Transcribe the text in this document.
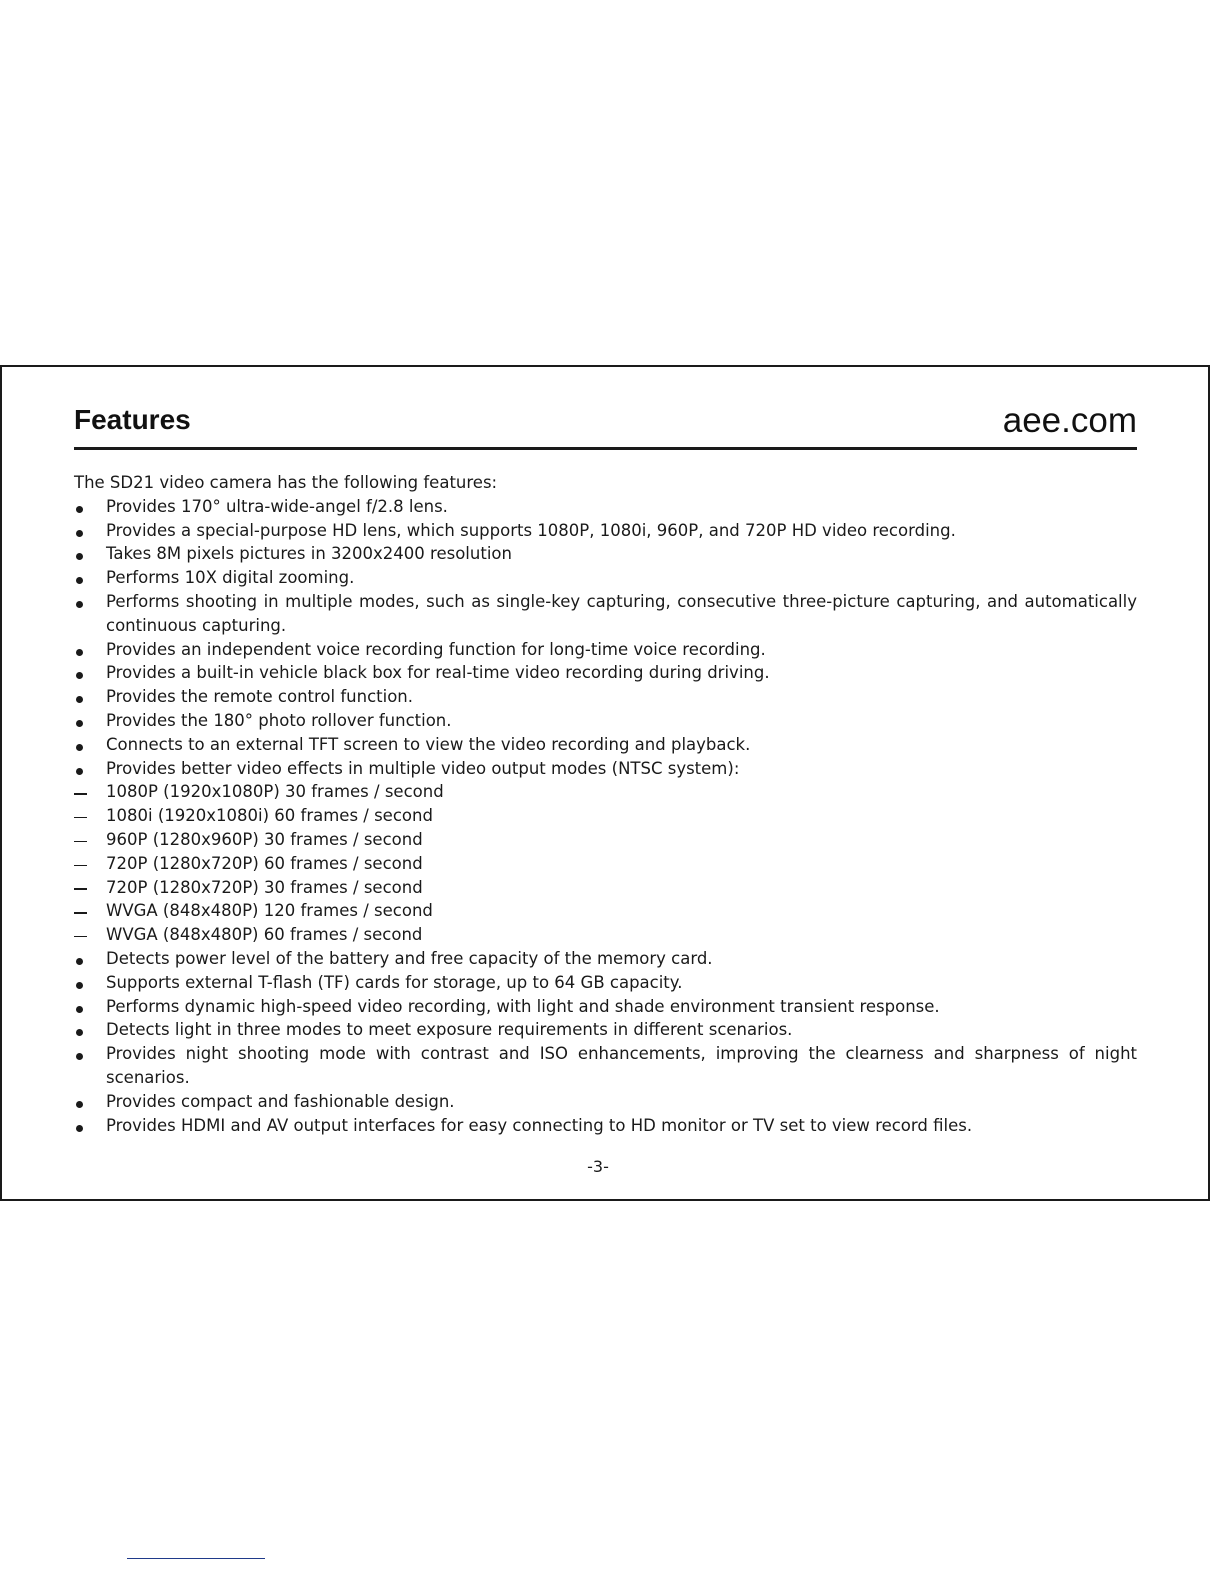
Features	aee.com

The SD21 video camera has the following features:

Provides 170° ultra-wide-angel f/2.8 lens.
Provides a special-purpose HD lens, which supports 1080P, 1080i, 960P, and 720P HD video recording.
Takes 8M pixels pictures in 3200x2400 resolution
Performs 10X digital zooming.
Performs shooting in multiple modes, such as single-key capturing, consecutive three-picture capturing, and automatically continuous capturing.
Provides an independent voice recording function for long-time voice recording.
Provides a built-in vehicle black box for real-time video recording during driving.
Provides the remote control function.
Provides the 180° photo rollover function.
Connects to an external TFT screen to view the video recording and playback.
Provides better video effects in multiple video output modes (NTSC system):
1080P (1920x1080P) 30 frames / second
1080i (1920x1080i) 60 frames / second
960P (1280x960P) 30 frames / second
720P (1280x720P) 60 frames / second
720P (1280x720P) 30 frames / second
WVGA (848x480P) 120 frames / second
WVGA (848x480P) 60 frames / second
Detects power level of the battery and free capacity of the memory card.
Supports external T-flash (TF) cards for storage, up to 64 GB capacity.
Performs dynamic high-speed video recording, with light and shade environment transient response.
Detects light in three modes to meet exposure requirements in different scenarios.
Provides night shooting mode with contrast and ISO enhancements, improving the clearness and sharpness of night scenarios.
Provides compact and fashionable design.
Provides HDMI and AV output interfaces for easy connecting to HD monitor or TV set to view record files.
-3-
